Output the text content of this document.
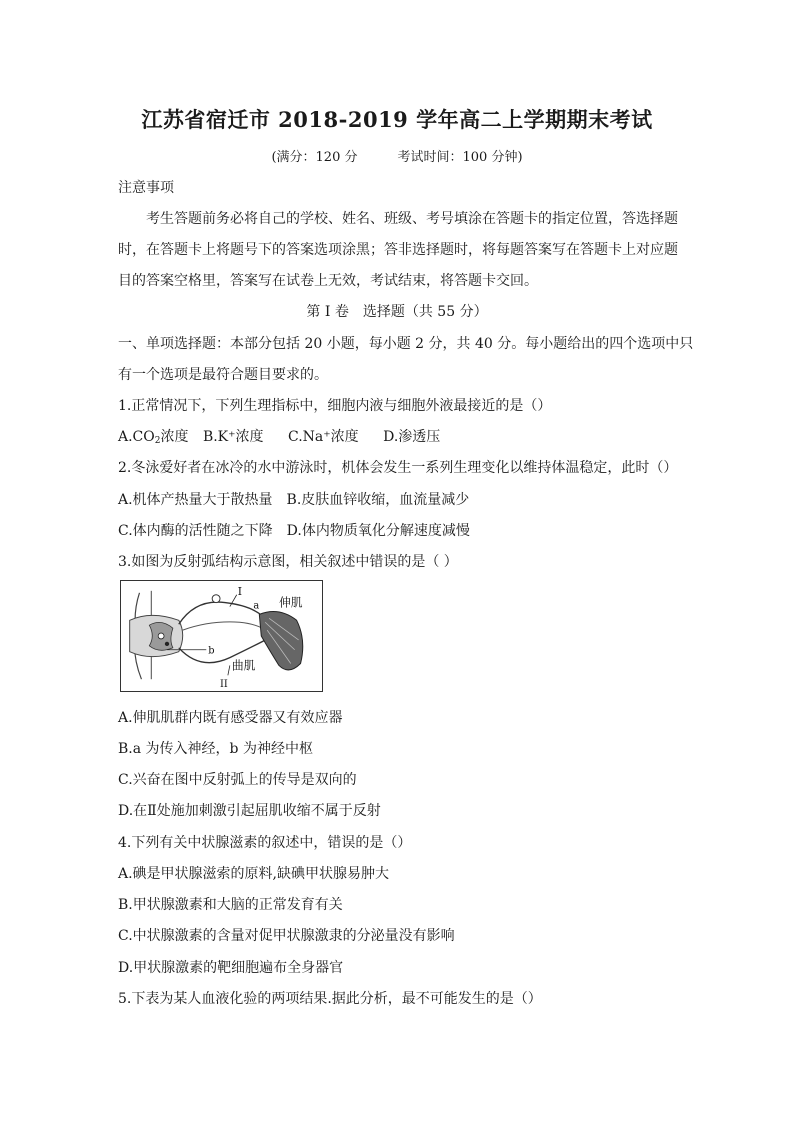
江苏省宿迁市 2018-2019 学年高二上学期期末考试
(满分：120 分	考试时间：100 分钟)
注意事项
考生答题前务必将自己的学校、姓名、班级、考号填涂在答题卡的指定位置，答选择题
时，在答题卡上将题号下的答案选项涂黑；答非选择题时，将每题答案写在答题卡上对应题
目的答案空格里，答案写在试卷上无效，考试结束，将答题卡交回。
第 I 卷　选择题（共 55 分）
一、单项选择题：本部分包括 20 小题，每小题 2 分，共 40 分。每小题给出的四个选项中只
有一个选项是最符合题目要求的。
1.正常情况下，下列生理指标中，细胞内液与细胞外液最接近的是（）
$A.CO_2$浓度 B.K⁺浓度 C.Na⁺浓度 D.渗透压
2.冬泳爱好者在冰冷的水中游泳时，机体会发生一系列生理变化以维持体温稳定，此时（）
A.机体产热量大于散热量　B.皮肤血锌收缩，血流量减少
C.体内酶的活性随之下降　D.体内物质氧化分解速度减慢
3.如图为反射弧结构示意图，相关叙述中错误的是（ ）
I
a 伸肌
b
曲肌
II
A.伸肌肌群内既有感受器又有效应器
B.a 为传入神经，b 为神经中枢
C.兴奋在图中反射弧上的传导是双向的
D.在Ⅱ处施加刺激引起屈肌收缩不属于反射
4.下列有关中状腺滋素的叙述中，错误的是（）
A.碘是甲状腺滋索的原料,缺碘甲状腺易肿大
B.甲状腺激素和大脑的正常发育有关
C.中状腺激素的含量对促甲状腺激隶的分泌量没有影响
D.甲状腺激素的靶细胞遍布全身器官
5.下表为某人血液化验的两项结果.据此分析，最不可能发生的是（）
